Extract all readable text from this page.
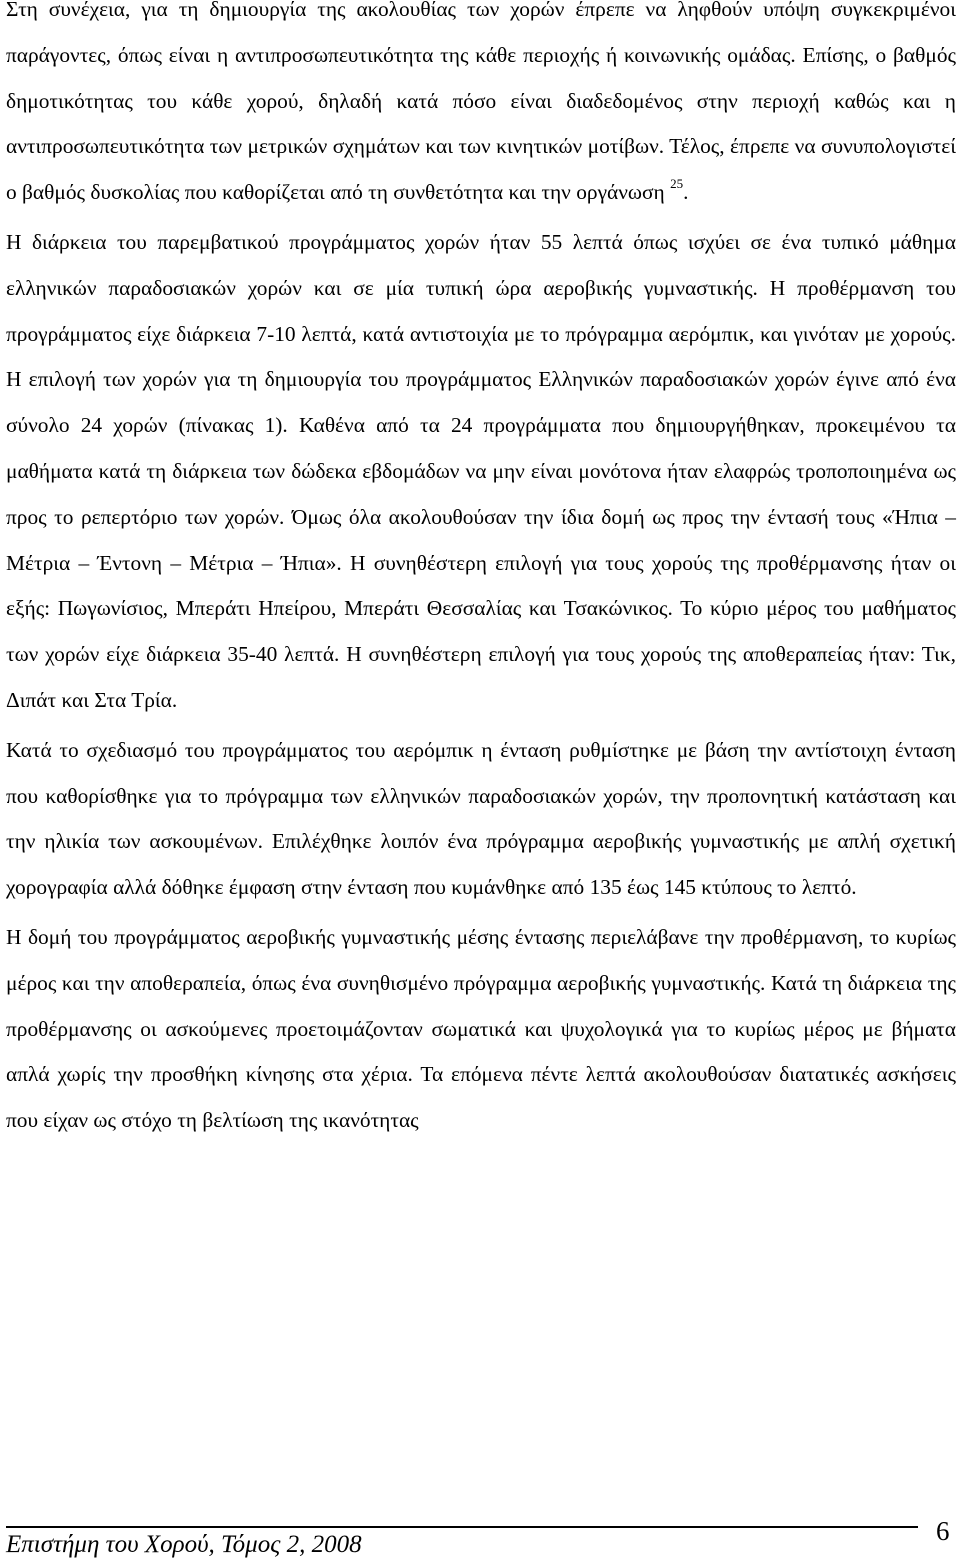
Στη συνέχεια, για τη δημιουργία της ακολουθίας των χορών έπρεπε να ληφθούν υπόψη συγκεκριμένοι παράγοντες, όπως είναι η αντιπροσωπευτικότητα της κάθε περιοχής ή κοινωνικής ομάδας. Επίσης, ο βαθμός δημοτικότητας του κάθε χορού, δηλαδή κατά πόσο είναι διαδεδομένος στην περιοχή καθώς και η αντιπροσωπευτικότητα των μετρικών σχημάτων και των κινητικών μοτίβων. Τέλος, έπρεπε να συνυπολογιστεί ο βαθμός δυσκολίας που καθορίζεται από τη συνθετότητα και την οργάνωση $^{25}$.

Η διάρκεια του παρεμβατικού προγράμματος χορών ήταν 55 λεπτά όπως ισχύει σε ένα τυπικό μάθημα ελληνικών παραδοσιακών χορών και σε μία τυπική ώρα αεροβικής γυμναστικής. Η προθέρμανση του προγράμματος είχε διάρκεια 7-10 λεπτά, κατά αντιστοιχία με το πρόγραμμα αερόμπικ, και γινόταν με χορούς. Η επιλογή των χορών για τη δημιουργία του προγράμματος Ελληνικών παραδοσιακών χορών έγινε από ένα σύνολο 24 χορών (πίνακας 1). Καθένα από τα 24 προγράμματα που δημιουργήθηκαν, προκειμένου τα μαθήματα κατά τη διάρκεια των δώδεκα εβδομάδων να μην είναι μονότονα ήταν ελαφρώς τροποποιημένα ως προς το ρεπερτόριο των χορών. Όμως όλα ακολουθούσαν την ίδια δομή ως προς την έντασή τους «Ήπια – Μέτρια – Έντονη – Μέτρια – Ήπια». Η συνηθέστερη επιλογή για τους χορούς της προθέρμανσης ήταν οι εξής: Πωγωνίσιος, Μπεράτι Ηπείρου, Μπεράτι Θεσσαλίας και Τσακώνικος. Το κύριο μέρος του μαθήματος των χορών είχε διάρκεια 35-40 λεπτά. Η συνηθέστερη επιλογή για τους χορούς της αποθεραπείας ήταν: Τικ, Διπάτ και Στα Τρία.

Κατά το σχεδιασμό του προγράμματος του αερόμπικ η ένταση ρυθμίστηκε με βάση την αντίστοιχη ένταση που καθορίσθηκε για το πρόγραμμα των ελληνικών παραδοσιακών χορών, την προπονητική κατάσταση και την ηλικία των ασκουμένων. Επιλέχθηκε λοιπόν ένα πρόγραμμα αεροβικής γυμναστικής με απλή σχετική χορογραφία αλλά δόθηκε έμφαση στην ένταση που κυμάνθηκε από 135 έως 145 κτύπους το λεπτό.

Η δομή του προγράμματος αεροβικής γυμναστικής μέσης έντασης περιελάβανε την προθέρμανση, το κυρίως μέρος και την αποθεραπεία, όπως ένα συνηθισμένο πρόγραμμα αεροβικής γυμναστικής. Κατά τη διάρκεια της προθέρμανσης οι ασκούμενες προετοιμάζονταν σωματικά και ψυχολογικά για το κυρίως μέρος με βήματα απλά χωρίς την προσθήκη κίνησης στα χέρια. Τα επόμενα πέντε λεπτά ακολουθούσαν διατατικές ασκήσεις που είχαν ως στόχο τη βελτίωση της ικανότητας

Επιστήμη του Χορού, Τόμος 2, 2008	6
